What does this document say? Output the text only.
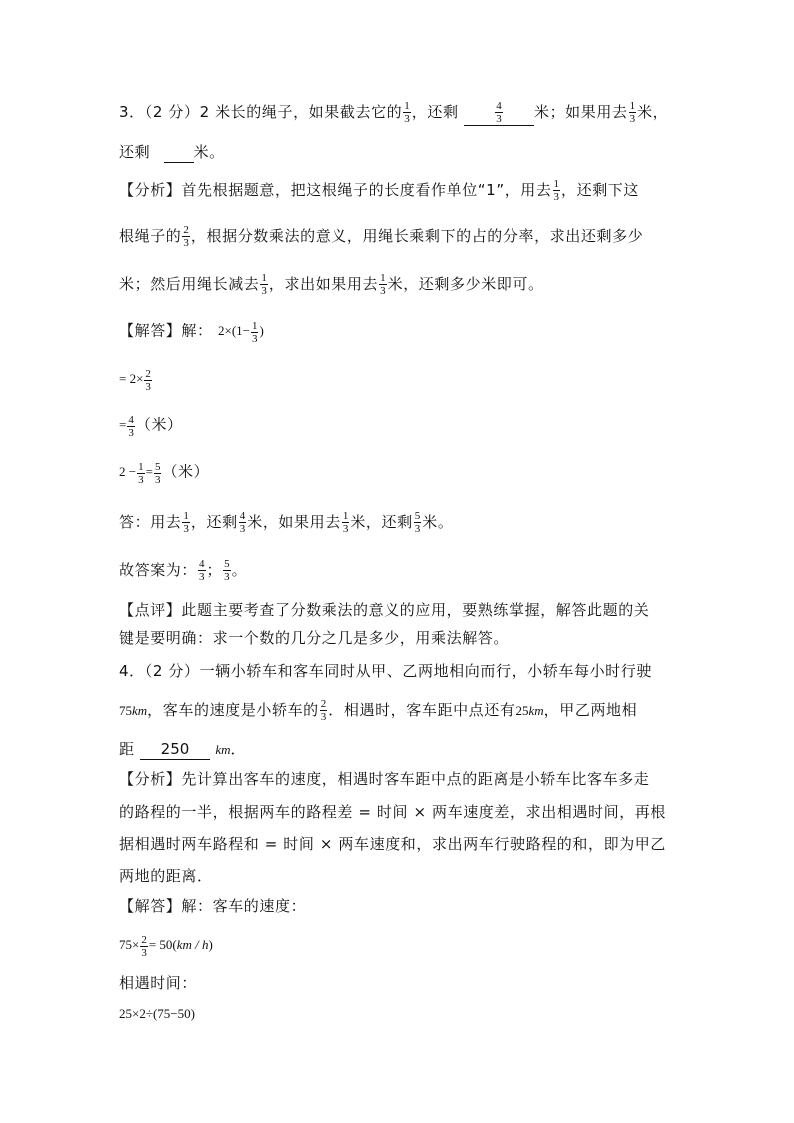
3．（2 分）2 米长的绳子，如果截去它的 $\frac{1}{3}$ ，还剩	$\frac{4}{3}$ 米；如果用去 $\frac{1}{3}$ 米，
还剩	米。
【分析】首先根据题意，把这根绳子的长度看作单位“1”，用去 $\frac{1}{3}$ ，还剩下这
根绳子的 $\frac{2}{3}$ ，根据分数乘法的意义，用绳长乘剩下的占的分率，求出还剩多少
米；然后用绳长减去 $\frac{1}{3}$ ，求出如果用去 $\frac{1}{3}$ 米，还剩多少米即可。
【解答】解： $2\times(1- \frac{1}{3}$ )
= $2\times \frac{2}{3}$
= $\frac{4}{3}$ （米）
$2 - \frac{1}{3} = \frac{5}{3}$ （米）
答：用去 $\frac{1}{3}$ ，还剩 $\frac{4}{3}$ 米，如果用去 $\frac{1}{3}$ 米，还剩 $\frac{5}{3}$ 米。
故答案为： $\frac{4}{3}$ ； $\frac{5}{3}$ 。
【点评】此题主要考查了分数乘法的意义的应用，要熟练掌握，解答此题的关
键是要明确：求一个数的几分之几是多少，用乘法解答。
4．（2 分）一辆小轿车和客车同时从甲、乙两地相向而行，小轿车每小时行驶
75km，客车的速度是小轿车的 $\frac{2}{3}$ ．相遇时，客车距中点还有25km，甲乙两地相
距 250 km．
【分析】先计算出客车的速度，相遇时客车距中点的距离是小轿车比客车多走
的路程的一半，根据两车的路程差 = 时间 × 两车速度差，求出相遇时间，再根
据相遇时两车路程和 = 时间 × 两车速度和，求出两车行驶路程的和，即为甲乙
两地的距离．
【解答】解：客车的速度：
$75\times \frac{2}{3} = 50(km / h)$
相遇时间：
25×2÷(75−50)
